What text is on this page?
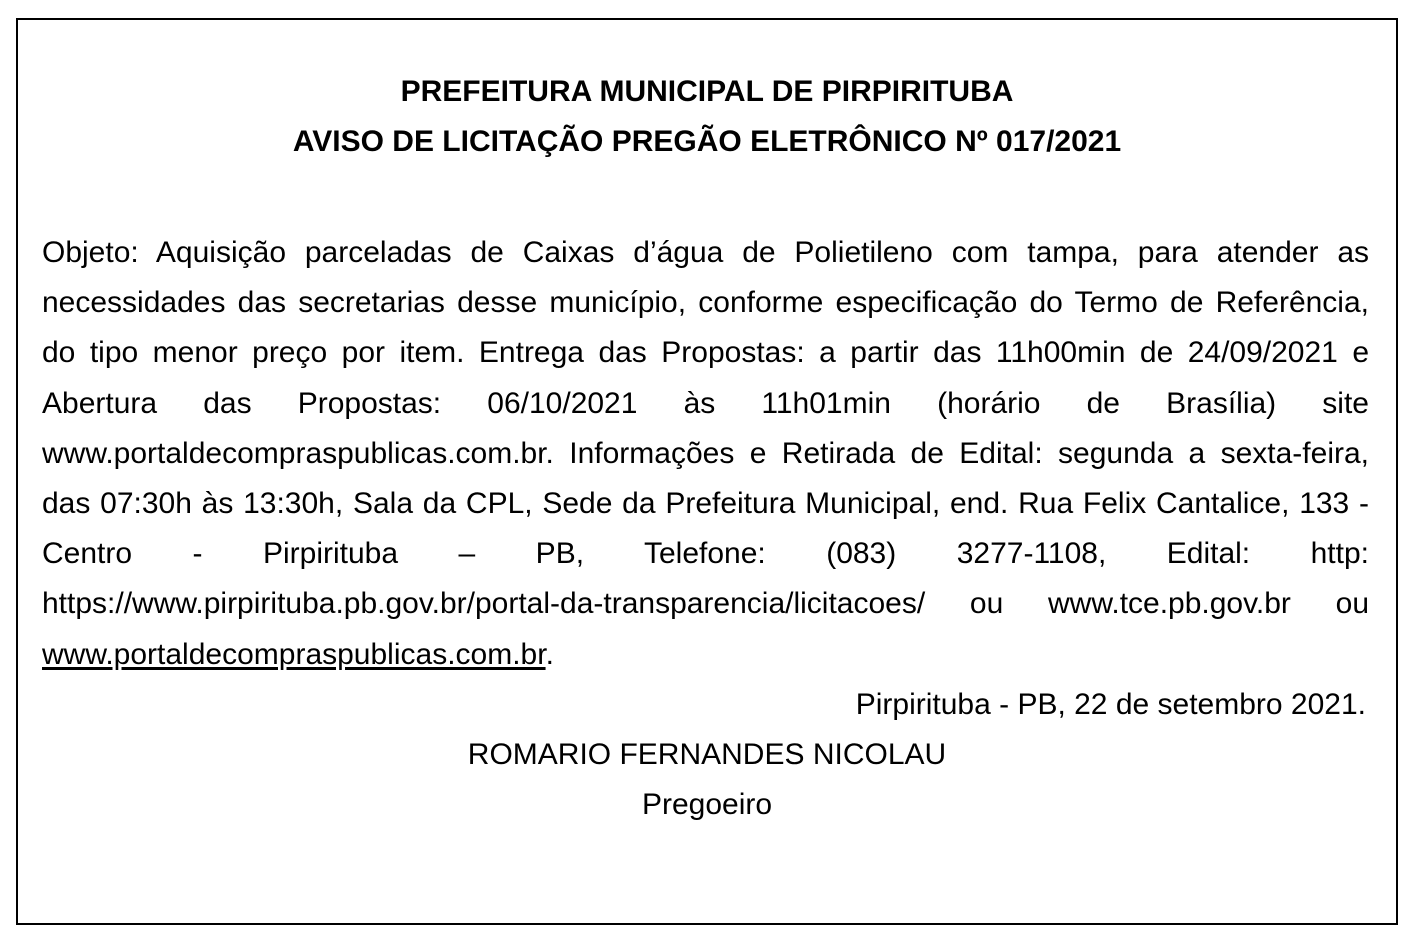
PREFEITURA MUNICIPAL DE PIRPIRITUBA
AVISO DE LICITAÇÃO PREGÃO ELETRÔNICO Nº 017/2021
Objeto: Aquisição parceladas de Caixas d’água de Polietileno com tampa, para atender as necessidades das secretarias desse município, conforme especificação do Termo de Referência, do tipo menor preço por item. Entrega das Propostas: a partir das 11h00min de 24/09/2021 e Abertura das Propostas: 06/10/2021 às 11h01min (horário de Brasília) site www.portaldecompraspublicas.com.br. Informações e Retirada de Edital: segunda a sexta-feira, das 07:30h às 13:30h, Sala da CPL, Sede da Prefeitura Municipal, end. Rua Felix Cantalice, 133 - Centro - Pirpirituba – PB, Telefone: (083) 3277-1108, Edital: http: https://www.pirpirituba.pb.gov.br/portal-da-transparencia/licitacoes/ ou www.tce.pb.gov.br ou www.portaldecompraspublicas.com.br.
Pirpirituba - PB, 22 de setembro 2021.
ROMARIO FERNANDES NICOLAU
Pregoeiro
